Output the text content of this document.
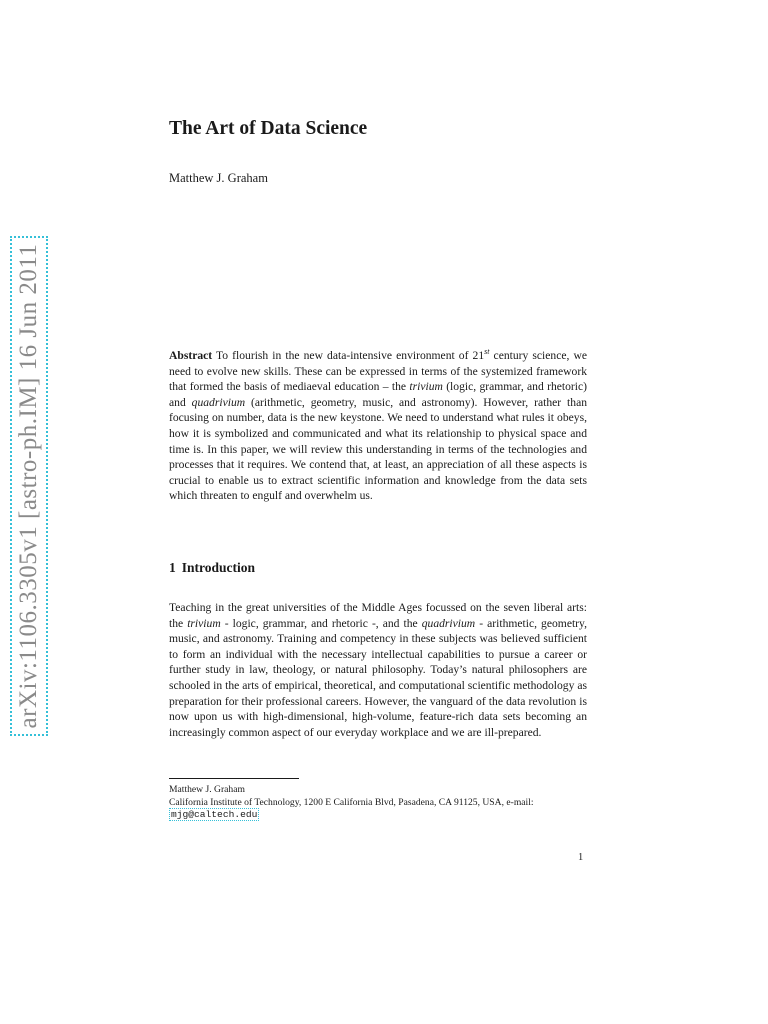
arXiv:1106.3305v1 [astro-ph.IM] 16 Jun 2011
The Art of Data Science
Matthew J. Graham

Abstract To flourish in the new data-intensive environment of 21st century science, we need to evolve new skills. These can be expressed in terms of the systemized framework that formed the basis of mediaeval education – the trivium (logic, grammar, and rhetoric) and quadrivium (arithmetic, geometry, music, and astronomy). However, rather than focusing on number, data is the new keystone. We need to understand what rules it obeys, how it is symbolized and communicated and what its relationship to physical space and time is. In this paper, we will review this understanding in terms of the technologies and processes that it requires. We contend that, at least, an appreciation of all these aspects is crucial to enable us to extract scientific information and knowledge from the data sets which threaten to engulf and overwhelm us.

1 Introduction

Teaching in the great universities of the Middle Ages focussed on the seven liberal arts: the trivium - logic, grammar, and rhetoric -, and the quadrivium - arithmetic, geometry, music, and astronomy. Training and competency in these subjects was believed sufficient to form an individual with the necessary intellectual capabilities to pursue a career or further study in law, theology, or natural philosophy. Today’s natural philosophers are schooled in the arts of empirical, theoretical, and computational scientific methodology as preparation for their professional careers. However, the vanguard of the data revolution is now upon us with high-dimensional, high-volume, feature-rich data sets becoming an increasingly common aspect of our everyday workplace and we are ill-prepared.

Matthew J. Graham
California Institute of Technology, 1200 E California Blvd, Pasadena, CA 91125, USA, e-mail:
mjg@caltech.edu

1
